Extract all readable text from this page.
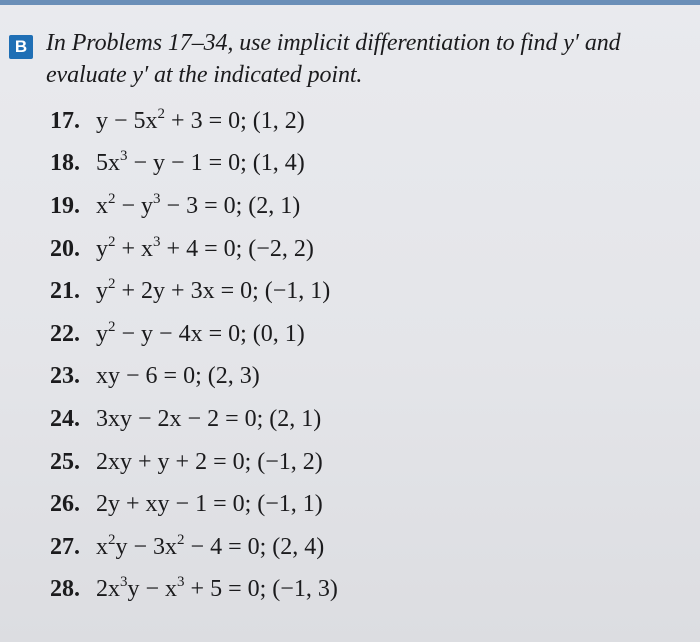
B In Problems 17–34, use implicit differentiation to find y′ and
evaluate y′ at the indicated point.
17. $y - 5x^2 + 3 = 0$; (1, 2)
18. $5x^3 - y - 1 = 0$; (1, 4)
19. $x^2 - y^3 - 3 = 0$; (2, 1)
20. $y^2 + x^3 + 4 = 0$; (−2, 2)
21. $y^2 + 2y + 3x = 0$; (−1, 1)
22. $y^2 - y - 4x = 0$; (0, 1)
23. xy − 6 = 0; (2, 3)
24. 3xy − 2x − 2 = 0; (2, 1)
25. 2xy + y + 2 = 0; (−1, 2)
26. 2y + xy − 1 = 0; (−1, 1)
27. $x^2y - 3x^2 - 4 = 0$; (2, 4)
28. $2x^3y - x^3 + 5 = 0$; (−1, 3)
